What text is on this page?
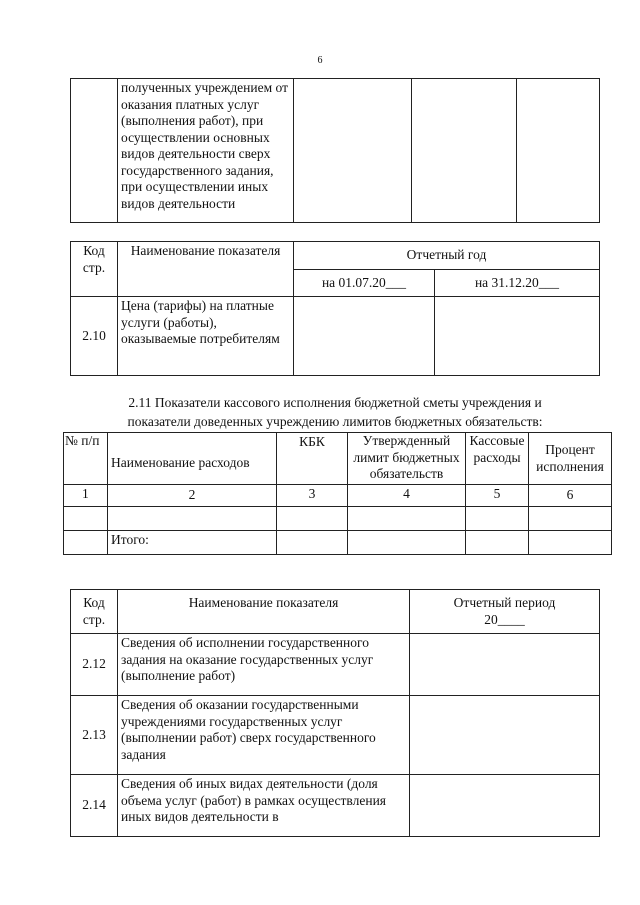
6
	полученных учреждением от оказания платных услуг (выполнения работ), при осуществлении основных видов деятельности сверх государственного задания, при осуществлении иных видов деятельности			
Код стр.	Наименование показателя	Отчетный год	
		на 01.07.20___	на 31.12.20___
2.10	Цена (тарифы) на платные услуги (работы), оказываемые потребителям		
2.11 Показатели кассового исполнения бюджетной сметы учреждения и
показатели доведенных учреждению лимитов бюджетных обязательств:
№ п/п	Наименование расходов	КБК	Утвержденный лимит бюджетных обязательств	Кассовые расходы	Процент исполнения
1	2	3	4	5	6

	Итого:				
Код стр.	Наименование показателя	Отчетный период
20____

2.12	Сведения об исполнении государственного задания на оказание государственных услуг (выполнение работ)	
2.13	Сведения об оказании государственными учреждениями государственных услуг (выполнении работ) сверх государственного задания	
2.14	Сведения об иных видах деятельности (доля объема услуг (работ) в рамках осуществления иных видов деятельности в	
